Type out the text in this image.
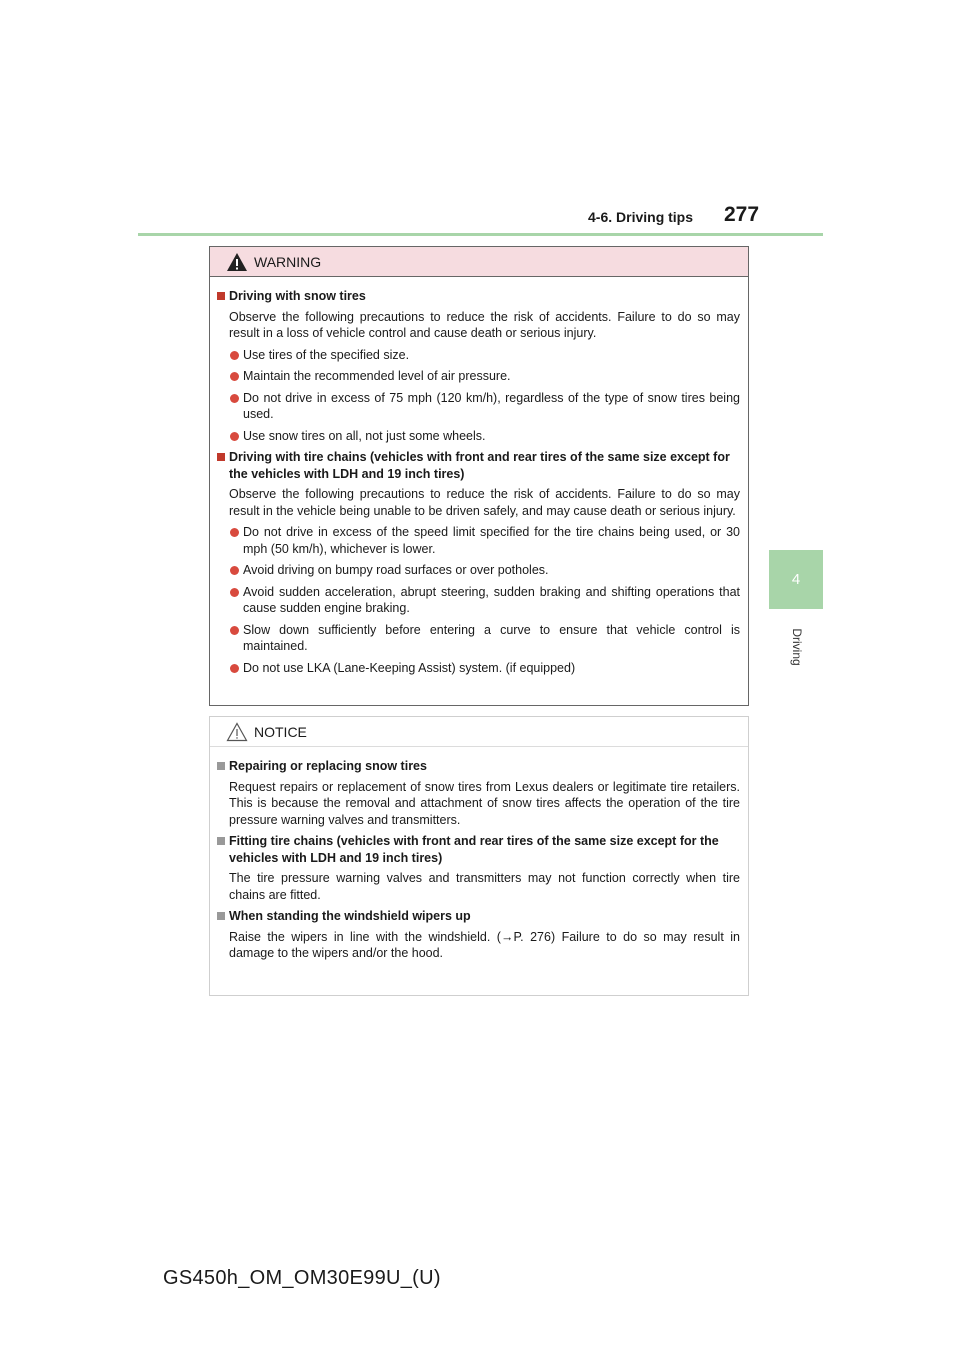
4-6. Driving tips 277
4
Driving
WARNING
Driving with snow tires
Observe the following precautions to reduce the risk of accidents. Failure to do so may result in a loss of vehicle control and cause death or serious injury.
Use tires of the specified size.
Maintain the recommended level of air pressure.
Do not drive in excess of 75 mph (120 km/h), regardless of the type of snow tires being used.
Use snow tires on all, not just some wheels.
Driving with tire chains (vehicles with front and rear tires of the same size except for the vehicles with LDH and 19 inch tires)
Observe the following precautions to reduce the risk of accidents. Failure to do so may result in the vehicle being unable to be driven safely, and may cause death or serious injury.
Do not drive in excess of the speed limit specified for the tire chains being used, or 30 mph (50 km/h), whichever is lower.
Avoid driving on bumpy road surfaces or over potholes.
Avoid sudden acceleration, abrupt steering, sudden braking and shifting operations that cause sudden engine braking.
Slow down sufficiently before entering a curve to ensure that vehicle control is maintained.
Do not use LKA (Lane-Keeping Assist) system. (if equipped)
NOTICE
Repairing or replacing snow tires
Request repairs or replacement of snow tires from Lexus dealers or legitimate tire retailers. This is because the removal and attachment of snow tires affects the operation of the tire pressure warning valves and transmitters.
Fitting tire chains (vehicles with front and rear tires of the same size except for the vehicles with LDH and 19 inch tires)
The tire pressure warning valves and transmitters may not function correctly when tire chains are fitted.
When standing the windshield wipers up
Raise the wipers in line with the windshield. (→P. 276) Failure to do so may result in damage to the wipers and/or the hood.
GS450h_OM_OM30E99U_(U)
